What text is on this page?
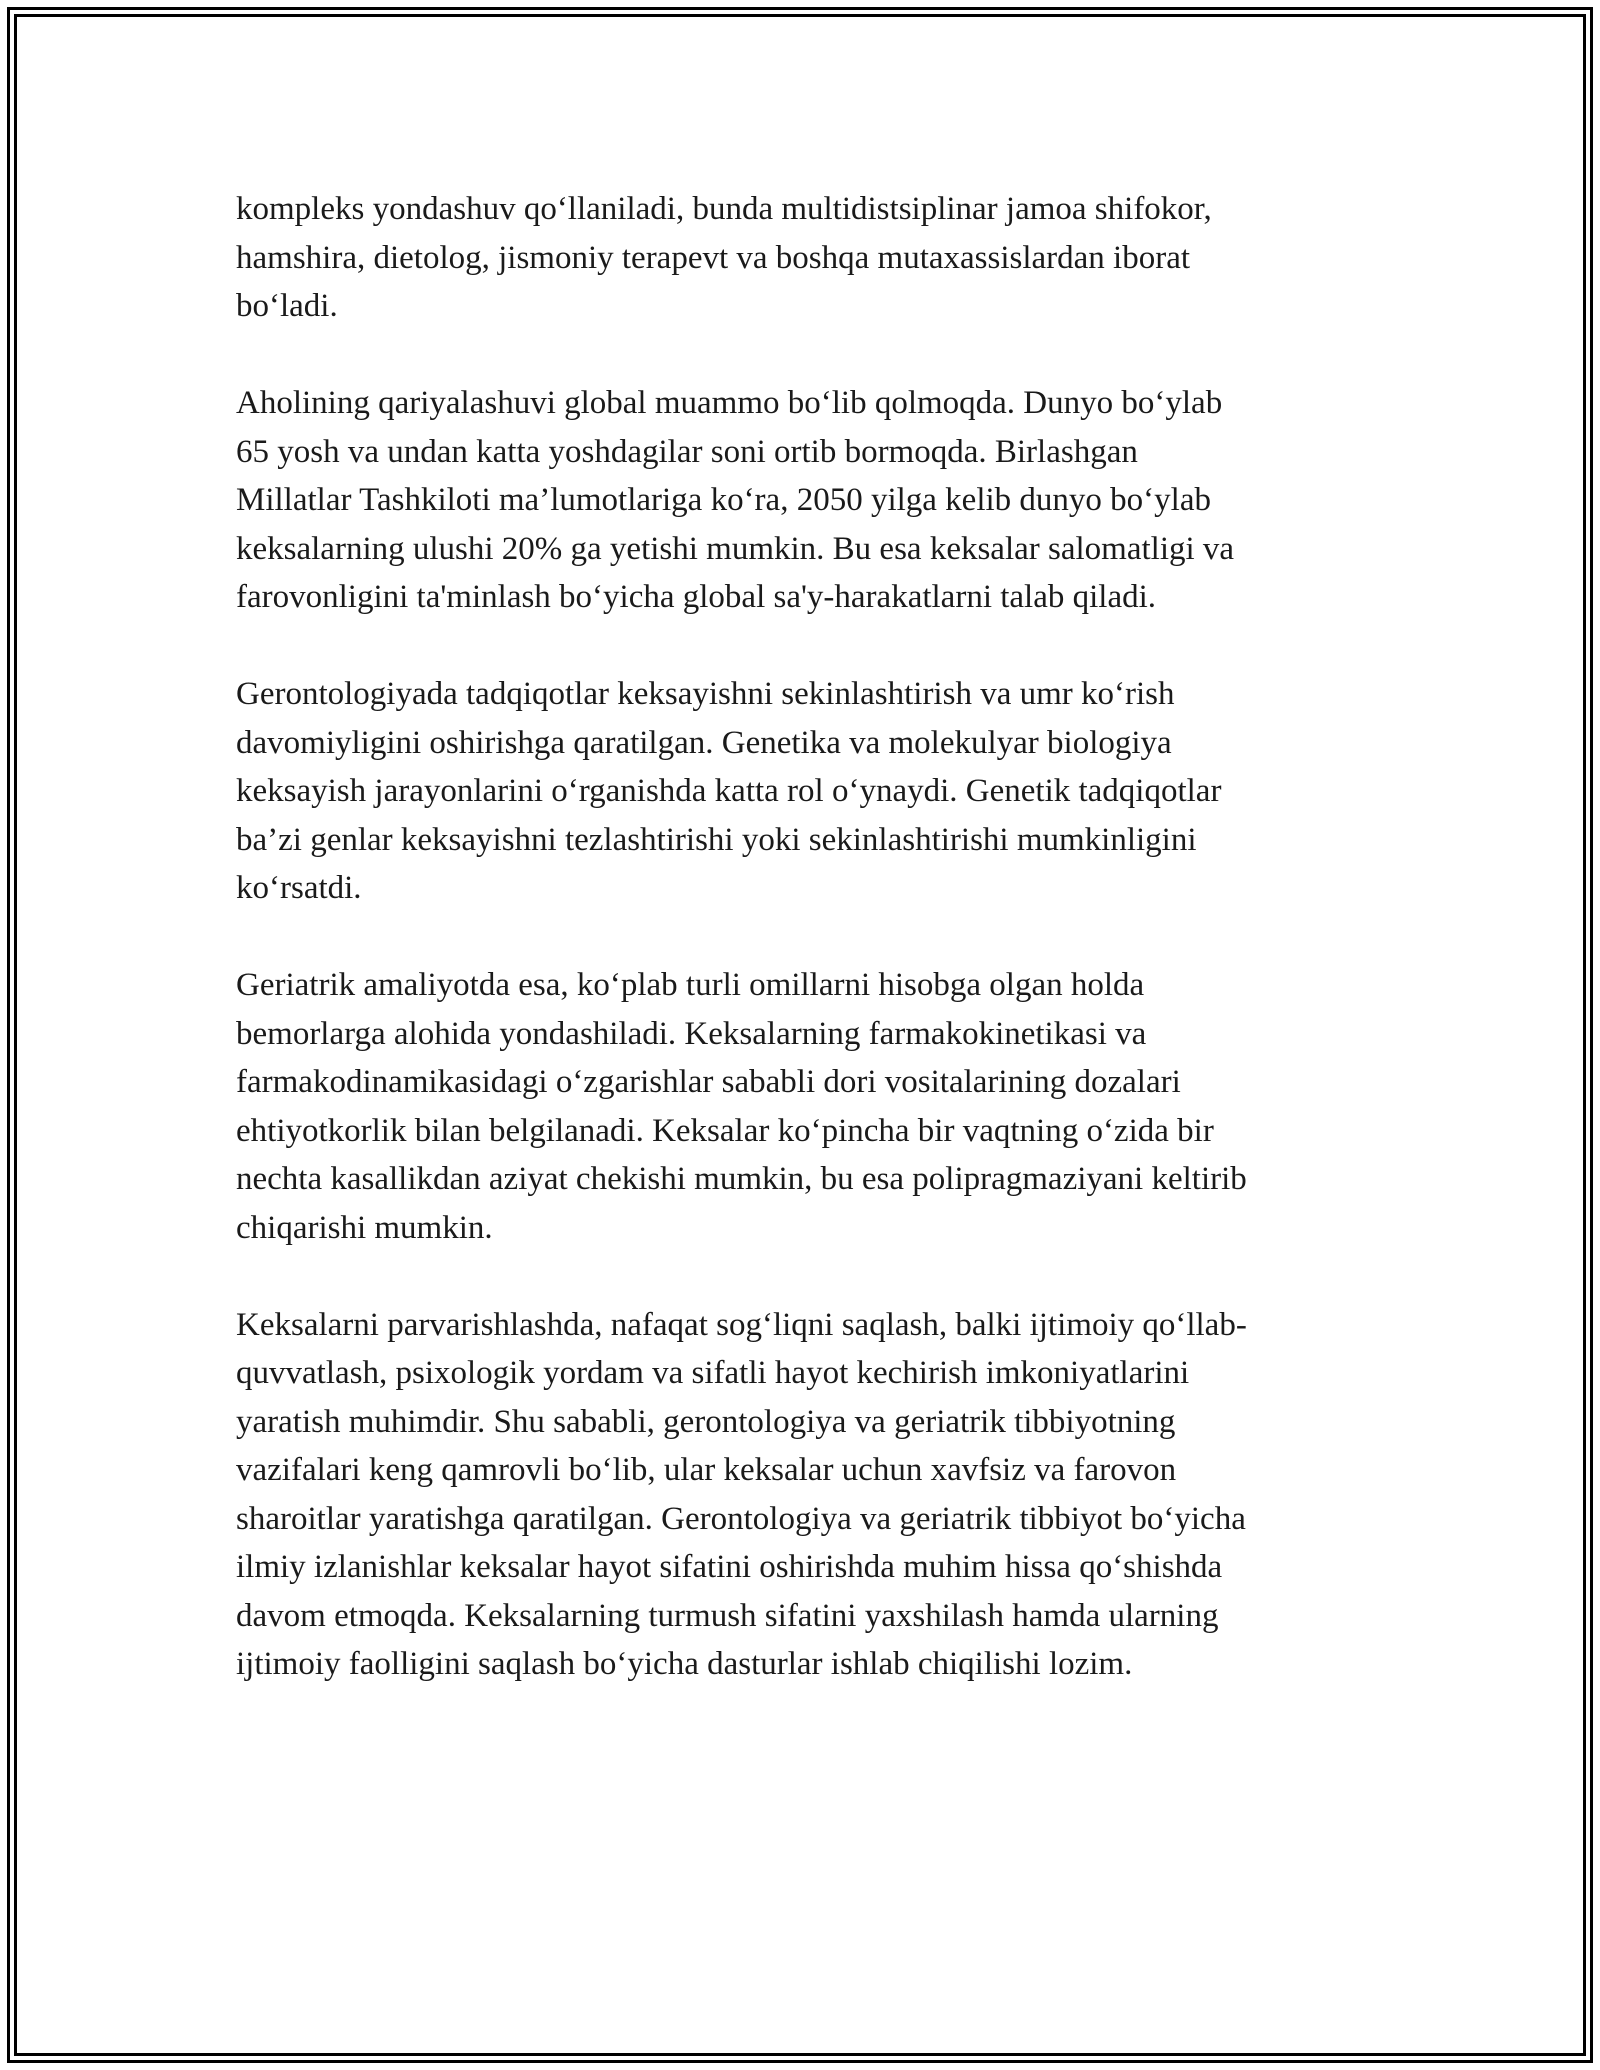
kompleks yondashuv qo‘llaniladi, bunda multidistsiplinar jamoa shifokor,
hamshira, dietolog, jismoniy terapevt va boshqa mutaxassislardan iborat
bo‘ladi.

Aholining qariyalashuvi global muammo bo‘lib qolmoqda. Dunyo bo‘ylab
65 yosh va undan katta yoshdagilar soni ortib bormoqda. Birlashgan
Millatlar Tashkiloti ma’lumotlariga ko‘ra, 2050 yilga kelib dunyo bo‘ylab
keksalarning ulushi 20% ga yetishi mumkin. Bu esa keksalar salomatligi va
farovonligini ta'minlash bo‘yicha global sa'y-harakatlarni talab qiladi.

Gerontologiyada tadqiqotlar keksayishni sekinlashtirish va umr ko‘rish
davomiyligini oshirishga qaratilgan. Genetika va molekulyar biologiya
keksayish jarayonlarini o‘rganishda katta rol o‘ynaydi. Genetik tadqiqotlar
ba’zi genlar keksayishni tezlashtirishi yoki sekinlashtirishi mumkinligini
ko‘rsatdi.

Geriatrik amaliyotda esa, ko‘plab turli omillarni hisobga olgan holda
bemorlarga alohida yondashiladi. Keksalarning farmakokinetikasi va
farmakodinamikasidagi o‘zgarishlar sababli dori vositalarining dozalari
ehtiyotkorlik bilan belgilanadi. Keksalar ko‘pincha bir vaqtning o‘zida bir
nechta kasallikdan aziyat chekishi mumkin, bu esa polipragmaziyani keltirib
chiqarishi mumkin.

Keksalarni parvarishlashda, nafaqat sog‘liqni saqlash, balki ijtimoiy qo‘llab-
quvvatlash, psixologik yordam va sifatli hayot kechirish imkoniyatlarini
yaratish muhimdir. Shu sababli, gerontologiya va geriatrik tibbiyotning
vazifalari keng qamrovli bo‘lib, ular keksalar uchun xavfsiz va farovon
sharoitlar yaratishga qaratilgan. Gerontologiya va geriatrik tibbiyot bo‘yicha
ilmiy izlanishlar keksalar hayot sifatini oshirishda muhim hissa qo‘shishda
davom etmoqda. Keksalarning turmush sifatini yaxshilash hamda ularning
ijtimoiy faolligini saqlash bo‘yicha dasturlar ishlab chiqilishi lozim.
